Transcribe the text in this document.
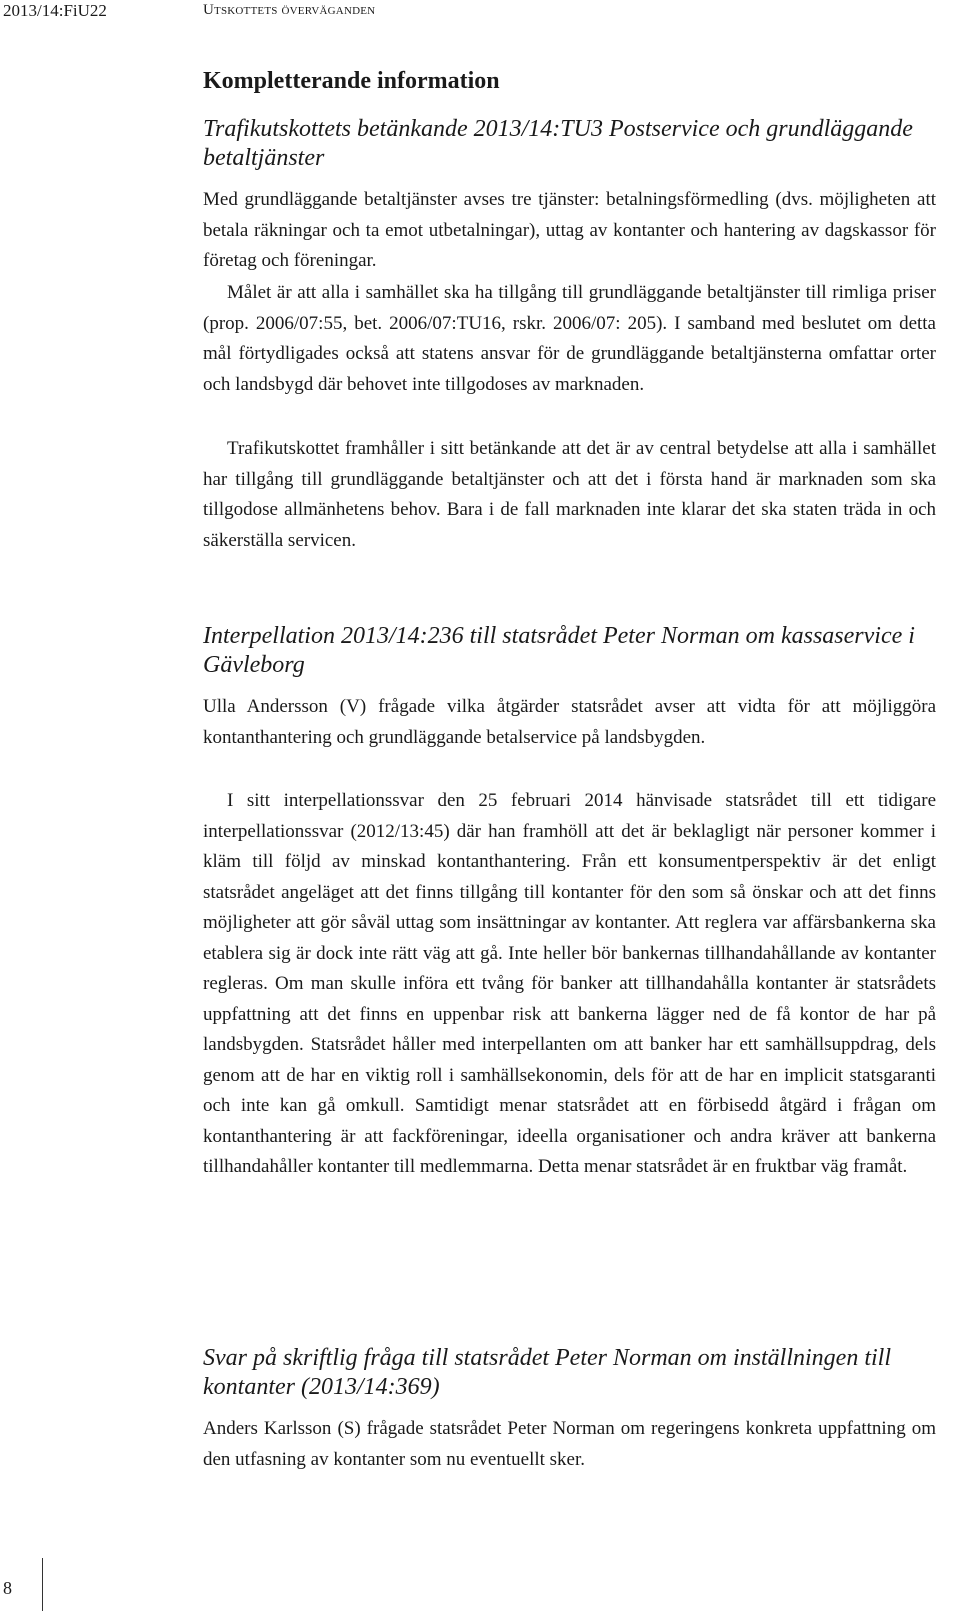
2013/14:FiU22	Utskottets överväganden
Kompletterande information
Trafikutskottets betänkande 2013/14:TU3 Postservice och grundläggande betaltjänster

Med grundläggande betaltjänster avses tre tjänster: betalningsförmedling (dvs. möjligheten att betala räkningar och ta emot utbetalningar), uttag av kontanter och hantering av dagskassor för företag och föreningar.

Målet är att alla i samhället ska ha tillgång till grundläggande betaltjänster till rimliga priser (prop. 2006/07:55, bet. 2006/07:TU16, rskr. 2006/07: 205). I samband med beslutet om detta mål förtydligades också att statens ansvar för de grundläggande betaltjänsterna omfattar orter och landsbygd där behovet inte tillgodoses av marknaden.

Trafikutskottet framhåller i sitt betänkande att det är av central betydelse att alla i samhället har tillgång till grundläggande betaltjänster och att det i första hand är marknaden som ska tillgodose allmänhetens behov. Bara i de fall marknaden inte klarar det ska staten träda in och säkerställa servicen.

Interpellation 2013/14:236 till statsrådet Peter Norman om kassaservice i Gävleborg

Ulla Andersson (V) frågade vilka åtgärder statsrådet avser att vidta för att möjliggöra kontanthantering och grundläggande betalservice på landsbygden.

I sitt interpellationssvar den 25 februari 2014 hänvisade statsrådet till ett tidigare interpellationssvar (2012/13:45) där han framhöll att det är beklagligt när personer kommer i kläm till följd av minskad kontanthantering. Från ett konsumentperspektiv är det enligt statsrådet angeläget att det finns tillgång till kontanter för den som så önskar och att det finns möjligheter att gör såväl uttag som insättningar av kontanter. Att reglera var affärsbankerna ska etablera sig är dock inte rätt väg att gå. Inte heller bör bankernas tillhandahållande av kontanter regleras. Om man skulle införa ett tvång för banker att tillhandahålla kontanter är statsrådets uppfattning att det finns en uppenbar risk att bankerna lägger ned de få kontor de har på landsbygden. Statsrådet håller med interpellanten om att banker har ett samhällsuppdrag, dels genom att de har en viktig roll i samhällsekonomin, dels för att de har en implicit statsgaranti och inte kan gå omkull. Samtidigt menar statsrådet att en förbisedd åtgärd i frågan om kontanthantering är att fackföreningar, ideella organisationer och andra kräver att bankerna tillhandahåller kontanter till medlemmarna. Detta menar statsrådet är en fruktbar väg framåt.

Svar på skriftlig fråga till statsrådet Peter Norman om inställningen till kontanter (2013/14:369)

Anders Karlsson (S) frågade statsrådet Peter Norman om regeringens konkreta uppfattning om den utfasning av kontanter som nu eventuellt sker.

8
